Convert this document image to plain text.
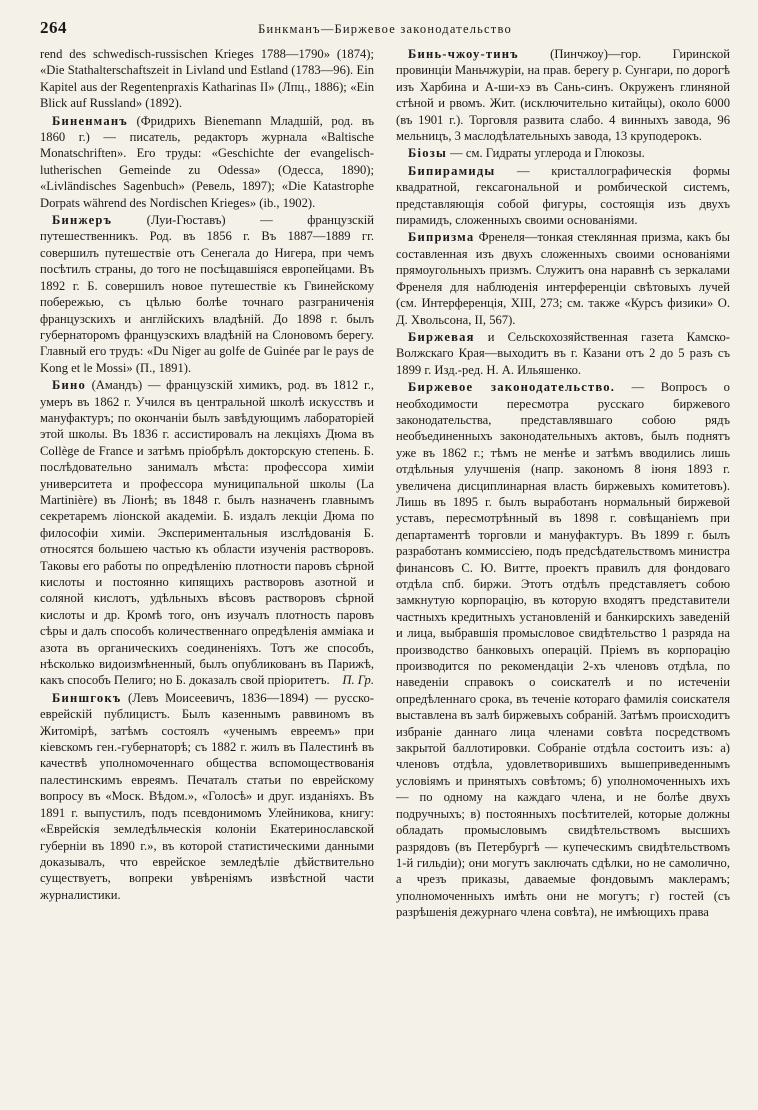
264	Бинкманъ—Биржевое законодательство

rend des schwedisch-russischen Krieges 1788—1790» (1874); «Die Stathalterschaftszeit in Livland und Estland (1783—96). Ein Kapitel aus der Regentenpraxis Katharinas II» (Лпц., 1886); «Ein Blick auf Russland» (1892).

Биненманъ (Фридрихъ Bienemann Младшій, род. въ 1860 г.) — писатель, редакторъ журнала «Baltische Monatschriften». Его труды: «Geschichte der evangelisch-lutherischen Gemeinde zu Odessa» (Одесса, 1890); «Livländisches Sagenbuch» (Ревель, 1897); «Die Katastrophe Dorpats während des Nordischen Krieges» (ib., 1902).

Бинжеръ (Луи-Гюставъ) — французскій путешественникъ. Род. въ 1856 г. Въ 1887—1889 гг. совершилъ путешествіе отъ Сенегала до Нигера, при чемъ посѣтилъ страны, до того не посѣщавшіяся европейцами. Въ 1892 г. Б. совершилъ новое путешествіе къ Гвинейскому побережью, съ цѣлью болѣе точнаго разграниченія французскихъ и англійскихъ владѣній. До 1898 г. былъ губернаторомъ французскихъ владѣній на Слоновомъ берегу. Главный его трудъ: «Du Niger au golfe de Guinée par le pays de Kong et le Mossi» (П., 1891).

Бино (Амандъ) — французскій химикъ, род. въ 1812 г., умеръ въ 1862 г. Учился въ центральной школѣ искусствъ и мануфактуръ; по окончаніи былъ завѣдующимъ лабораторіей этой школы. Въ 1836 г. ассистировалъ на лекціяхъ Дюма въ Collège de France и затѣмъ пріобрѣлъ докторскую степень. Б. послѣдовательно занималъ мѣста: профессора химіи университета и профессора муниципальной школы (La Martinière) въ Ліонѣ; въ 1848 г. былъ назначенъ главнымъ секретаремъ ліонской академіи. Б. издалъ лекціи Дюма по философіи химіи. Экспериментальныя изслѣдованія Б. относятся большею частью къ области изученія растворовъ. Таковы его работы по опредѣленію плотности паровъ сѣрной кислоты и постоянно кипящихъ растворовъ азотной и соляной кислотъ, удѣльныхъ вѣсовъ растворовъ сѣрной кислоты и др. Кромѣ того, онъ изучалъ плотность паровъ сѣры и далъ способъ количественнаго опредѣленія аммiака и азота въ органическихъ соединеніяхъ. Тотъ же способъ, нѣсколько видоизмѣненный, былъ опубликованъ въ Парижѣ, какъ способъ Пелиго; но Б. доказалъ свой пріоритетъ.	П. Гр.

Биншгокъ (Левъ Моисеевичъ, 1836—1894) — русско-еврейскій публицистъ. Былъ казеннымъ раввиномъ въ Житомірѣ, затѣмъ состоялъ «ученымъ евреемъ» при кіевскомъ ген.-губернаторѣ; съ 1882 г. жилъ въ Палестинѣ въ качествѣ уполномоченнаго общества вспомоществованія палестинскимъ евреямъ. Печаталъ статьи по еврейскому вопросу въ «Моск. Вѣдом.», «Голосѣ» и друг. изданіяхъ. Въ 1891 г. выпустилъ, подъ псевдонимомъ Улейникова, книгу: «Еврейскія земледѣльческія колоніи Екатеринославской губерніи въ 1890 г.», въ которой статистическими данными доказывалъ, что еврейское земледѣліе дѣйствительно существуетъ, вопреки увѣреніямъ извѣстной части журналистики.

Бинь-чжоу-тинъ (Пинчжоу)—гор. Гиринской провинціи Маньчжуріи, на прав. берегу р. Сунгари, по дорогѣ изъ Харбина и А-ши-хэ въ Сань-синъ. Окруженъ глиняной стѣной и рвомъ. Жит. (исключительно китайцы), около 6000 (въ 1901 г.). Торговля развита слабо. 4 винныхъ завода, 96 мельницъ, 3 маслодѣлательныхъ завода, 13 круподерокъ.

Біозы — см. Гидраты углерода и Глюкозы.

Бипирамиды — кристаллографическія формы квадратной, гексагональной и ромбической системъ, представляющія собой фигуры, состоящія изъ двухъ пирамидъ, сложенныхъ своими основаніями.

Бипризма Френеля—тонкая стеклянная призма, какъ бы составленная изъ двухъ сложенныхъ своими основаніями прямоугольныхъ призмъ. Служитъ она наравнѣ съ зеркалами Френеля для наблюденія интерференціи свѣтовыхъ лучей (см. Интерференція, XIII, 273; см. также «Курсъ физики» О. Д. Хвольсона, II, 567).

Биржевая и Сельскохозяйственная газета Камско-Волжскаго Края—выходитъ въ г. Казани отъ 2 до 5 разъ съ 1899 г. Изд.-ред. Н. А. Ильяшенко.

Биржевое законодательство. — Вопросъ о необходимости пересмотра русскаго биржевого законодательства, представлявшаго собою рядъ необъединенныхъ законодательныхъ актовъ, былъ поднятъ уже въ 1862 г.; тѣмъ не менѣе и затѣмъ вводились лишь отдѣльныя улучшенія (напр. закономъ 8 іюня 1893 г. увеличена дисциплинарная власть биржевыхъ комитетовъ). Лишь въ 1895 г. былъ выработанъ нормальный биржевой уставъ, пересмотрѣнный въ 1898 г. совѣщаніемъ при департаментѣ торговли и мануфактуръ. Въ 1899 г. былъ разработанъ коммиссіею, подъ предсѣдательствомъ министра финансовъ С. Ю. Витте, проектъ правилъ для фондоваго отдѣла спб. биржи. Этотъ отдѣлъ представляетъ собою замкнутую корпорацію, въ которую входятъ представители частныхъ кредитныхъ установленій и банкирскихъ заведеній и лица, выбравшія промысловое свидѣтельство 1 разряда на производство банковыхъ операцій. Пріемъ въ корпорацію производится по рекомендаціи 2-хъ членовъ отдѣла, по наведеніи справокъ о соискателѣ и по истеченіи опредѣленнаго срока, въ теченіе котораго фамилія соискателя выставлена въ залѣ биржевыхъ собраній. Затѣмъ происходитъ избраніе даннаго лица членами совѣта посредствомъ закрытой баллотировки. Собраніе отдѣла состоитъ изъ: а) членовъ отдѣла, удовлетворившихъ вышеприведеннымъ условіямъ и принятыхъ совѣтомъ; б) уполномоченныхъ ихъ — по одному на каждаго члена, и не болѣе двухъ подручныхъ; в) постоянныхъ посѣтителей, которые должны обладать промысловымъ свидѣтельствомъ высшихъ разрядовъ (въ Петербургѣ — купеческимъ свидѣтельствомъ 1-й гильдіи); они могутъ заключать сдѣлки, но не самолично, а чрезъ приказы, даваемые фондовымъ маклерамъ; уполномоченныхъ имѣть они не могутъ; г) гостей (съ разрѣшенія дежурнаго члена совѣта), не имѣющихъ права
